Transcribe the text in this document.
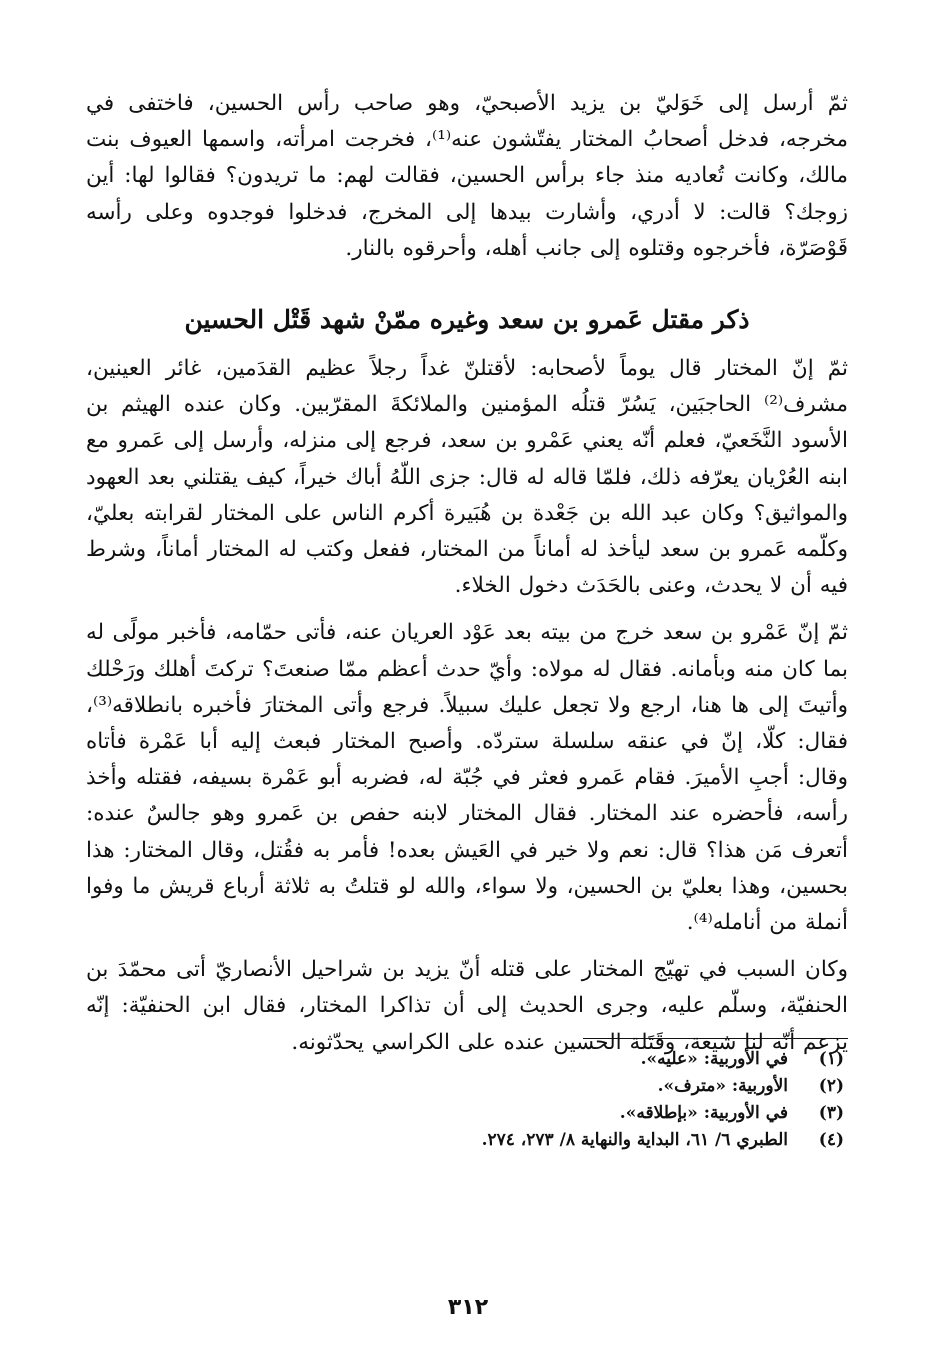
ثمّ أرسل إلى خَوَليّ بن يزيد الأصبحيّ، وهو صاحب رأس الحسين، فاختفى في مخرجه، فدخل أصحابُ المختار يفتّشون عنه⁽¹⁾، فخرجت امرأته، واسمها العيوف بنت مالك، وكانت تُعاديه منذ جاء برأس الحسين، فقالت لهم: ما تريدون؟ فقالوا لها: أين زوجك؟ قالت: لا أدري، وأشارت بيدها إلى المخرج، فدخلوا فوجدوه وعلى رأسه قَوْصَرّة، فأخرجوه وقتلوه إلى جانب أهله، وأحرقوه بالنار.

ذكر مقتل عَمرو بن سعد وغيره ممّنْ شهد قَتْل الحسين

ثمّ إنّ المختار قال يوماً لأصحابه: لأقتلنّ غداً رجلاً عظيم القدَمين، غائر العينين، مشرف⁽²⁾ الحاجبَين، يَسُرّ قتلُه المؤمنين والملائكةَ المقرّبين. وكان عنده الهيثم بن الأسود النَّخَعيّ، فعلم أنّه يعني عَمْرو بن سعد، فرجع إلى منزله، وأرسل إلى عَمرو مع ابنه العُرْيان يعرّفه ذلك، فلمّا قاله له قال: جزى اللّهُ أباك خيراً، كيف يقتلني بعد العهود والمواثيق؟ وكان عبد الله بن جَعْدة بن هُبَيرة أكرم الناس على المختار لقرابته بعليّ، وكلّمه عَمرو بن سعد ليأخذ له أماناً من المختار، ففعل وكتب له المختار أماناً، وشرط فيه أن لا يحدث، وعنى بالحَدَث دخول الخلاء.

ثمّ إنّ عَمْرو بن سعد خرج من بيته بعد عَوْد العريان عنه، فأتى حمّامه، فأخبر مولًى له بما كان منه وبأمانه. فقال له مولاه: وأيّ حدث أعظم ممّا صنعتَ؟ تركتَ أهلك ورَحْلك وأتيتَ إلى ها هنا، ارجع ولا تجعل عليك سبيلاً. فرجع وأتى المختارَ فأخبره بانطلاقه⁽³⁾، فقال: كلّا، إنّ في عنقه سلسلة ستردّه. وأصبح المختار فبعث إليه أبا عَمْرة فأتاه وقال: أجبِ الأميرَ. فقام عَمرو فعثر في جُبّة له، فضربه أبو عَمْرة بسيفه، فقتله وأخذ رأسه، فأحضره عند المختار. فقال المختار لابنه حفص بن عَمرو وهو جالسٌ عنده: أتعرف مَن هذا؟ قال: نعم ولا خير في العَيش بعده! فأمر به فقُتل، وقال المختار: هذا بحسين، وهذا بعليّ بن الحسين، ولا سواء، والله لو قتلتُ به ثلاثة أرباع قريش ما وفوا أنملة من أنامله⁽⁴⁾.

وكان السبب في تهيّج المختار على قتله أنّ يزيد بن شراحيل الأنصاريّ أتى محمّدَ بن الحنفيّة، وسلّم عليه، وجرى الحديث إلى أن تذاكرا المختار، فقال ابن الحنفيّة: إنّه يزعم أنّه لنا شيعة، وقَتَلة الحسين عنده على الكراسي يحدّثونه.

(١)
في الأوربية: «عليه».
(٢)
الأوربية: «مترف».
(٣)
في الأوربية: «بإطلاقه».
(٤)
الطبري ٦/ ٦١، البداية والنهاية ٨/ ٢٧٣، ٢٧٤.
٣١٢
